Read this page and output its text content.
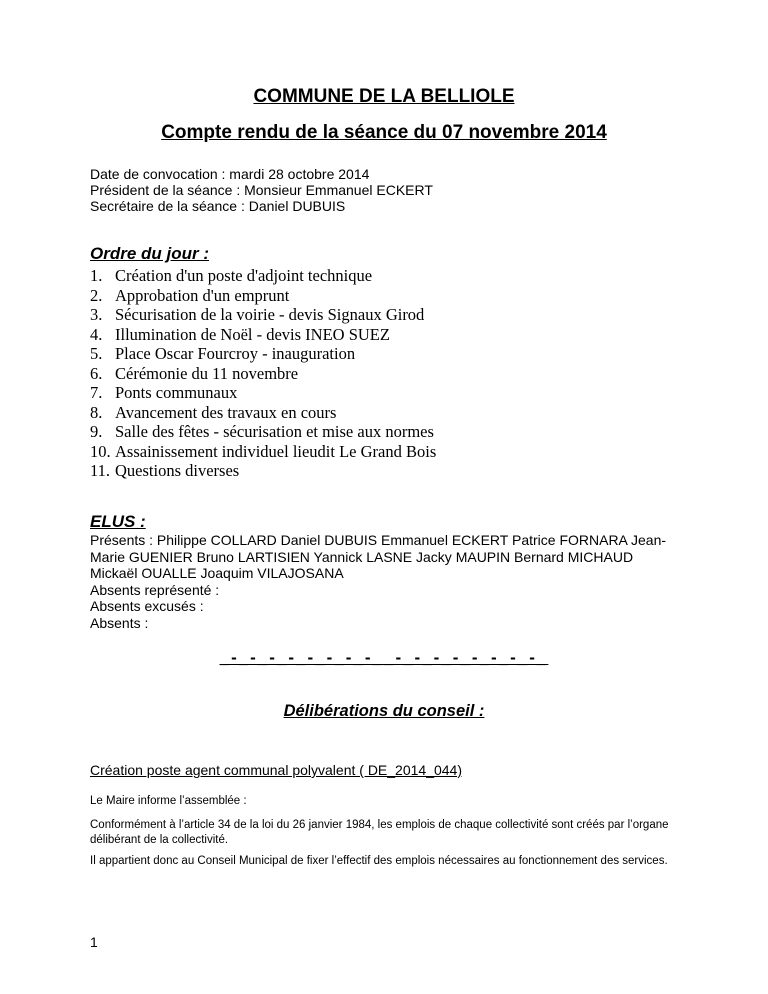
COMMUNE DE LA BELLIOLE
Compte rendu de la séance du 07 novembre 2014
Date de convocation : mardi 28 octobre 2014
Président de la séance : Monsieur Emmanuel ECKERT
Secrétaire de la séance : Daniel DUBUIS
Ordre du jour :
1. Création d'un poste d'adjoint technique
2. Approbation d'un emprunt
3. Sécurisation de la voirie - devis Signaux Girod
4. Illumination de Noël - devis INEO SUEZ
5. Place Oscar Fourcroy - inauguration
6. Cérémonie du 11 novembre
7. Ponts communaux
8. Avancement des travaux en cours
9. Salle des fêtes - sécurisation et mise aux normes
10. Assainissement individuel lieudit Le Grand Bois
11. Questions diverses
ELUS :
Présents : Philippe COLLARD Daniel DUBUIS Emmanuel ECKERT Patrice FORNARA Jean-Marie GUENIER Bruno LARTISIEN Yannick LASNE Jacky MAUPIN Bernard MICHAUD Mickaël OUALLE Joaquim VILAJOSANA
Absents représenté :
Absents excusés :
Absents :
_-_-_-_-_-_-_-_-__-_-_-_-_-_-_-_-_
Délibérations du conseil :
Création poste agent communal polyvalent ( DE_2014_044)
Le Maire informe l’assemblée :
Conformément à l’article 34 de la loi du 26 janvier 1984, les emplois de chaque collectivité sont créés par l’organe délibérant de la collectivité.
Il appartient donc au Conseil Municipal de fixer l’effectif des emplois nécessaires au fonctionnement des services.
1
